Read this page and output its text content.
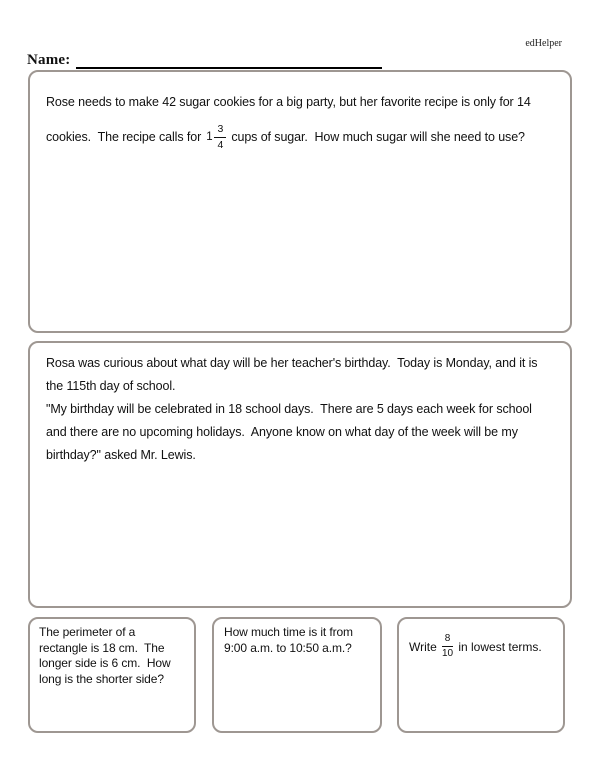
edHelper
Name:
Rose needs to make 42 sugar cookies for a big party, but her favorite recipe is only for 14
cookies.  The recipe calls for $1 \frac{3}{4}$ cups of sugar.  How much sugar will she need to use?
Rosa was curious about what day will be her teacher's birthday.  Today is Monday, and it is
the 115th day of school.
"My birthday will be celebrated in 18 school days.  There are 5 days each week for school
and there are no upcoming holidays.  Anyone know on what day of the week will be my
birthday?" asked Mr. Lewis.
The perimeter of a
rectangle is 18 cm.  The
longer side is 6 cm.  How
long is the shorter side?
How much time is it from
9:00 a.m. to 10:50 a.m.?	Write $\frac{8}{10}$ in lowest terms.
